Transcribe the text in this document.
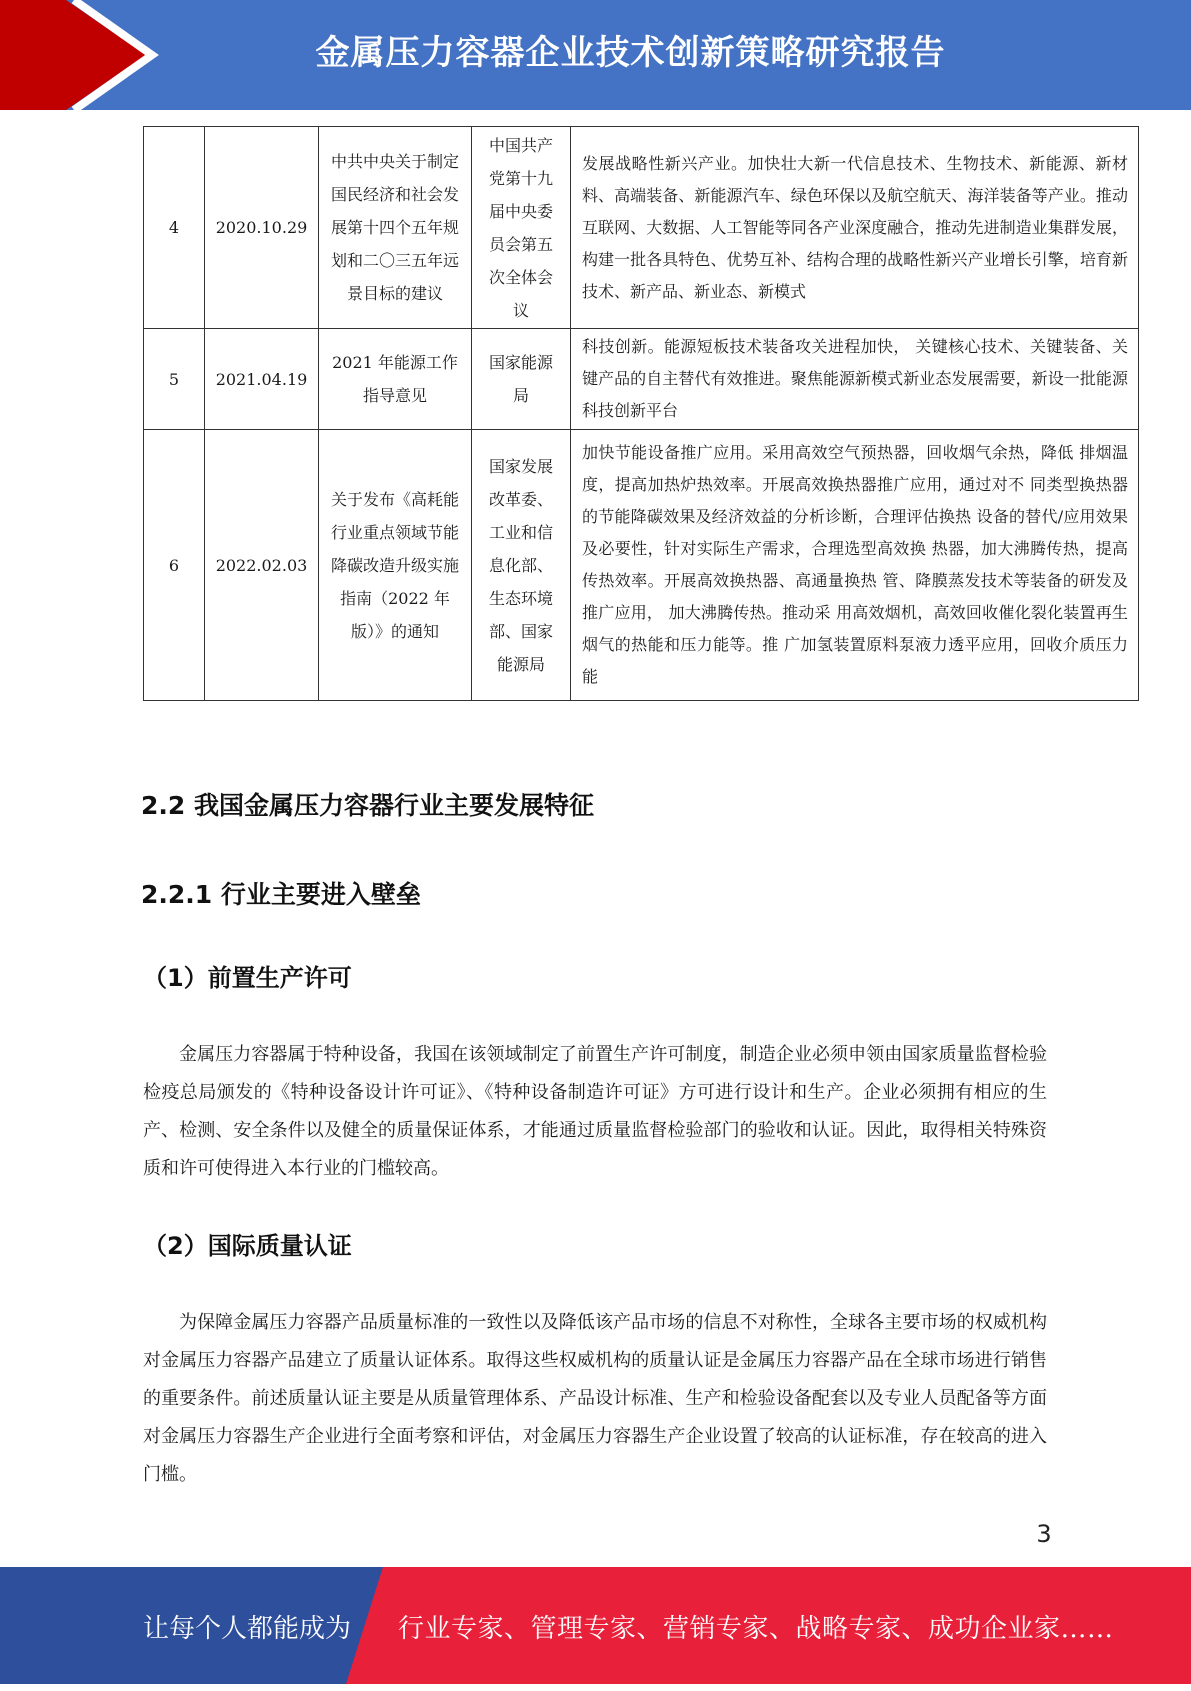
金属压力容器企业技术创新策略研究报告
4	2020.10.29	中共中央关于制定国民经济和社会发展第十四个五年规划和二〇三五年远景目标的建议	中国共产党第十九届中央委员会第五次全体会议	发展战略性新兴产业。加快壮大新一代信息技术、生物技术、新能源、新材料、高端装备、新能源汽车、绿色环保以及航空航天、海洋装备等产业。推动互联网、大数据、人工智能等同各产业深度融合，推动先进制造业集群发展，构建一批各具特色、优势互补、结构合理的战略性新兴产业增长引擎，培育新技术、新产品、新业态、新模式
5	2021.04.19	2021 年能源工作 指导意见	国家能源局	科技创新。能源短板技术装备攻关进程加快， 关键核心技术、关键装备、关键产品的自主替代有效推进。聚焦能源新模式新业态发展需要，新设一批能源科技创新平台
6	2022.02.03	关于发布《高耗能行业重点领域节能降碳改造升级实施指南（2022 年版）》的通知	国家发展改革委、工业和信息化部、生态环境部、国家能源局	加快节能设备推广应用。采用高效空气预热器，回收烟气余热，降低 排烟温度，提高加热炉热效率。开展高效换热器推广应用，通过对不 同类型换热器的节能降碳效果及经济效益的分析诊断，合理评估换热 设备的替代/应用效果及必要性，针对实际生产需求，合理选型高效换 热器，加大沸腾传热，提高传热效率。开展高效换热器、高通量换热 管、降膜蒸发技术等装备的研发及推广应用， 加大沸腾传热。推动采 用高效烟机，高效回收催化裂化装置再生烟气的热能和压力能等。推 广加氢装置原料泵液力透平应用，回收介质压力能
2.2 我国金属压力容器行业主要发展特征
2.2.1 行业主要进入壁垒
（1）前置生产许可

金属压力容器属于特种设备，我国在该领域制定了前置生产许可制度，制造企业必须申领由国家质量监督检验检疫总局颁发的《特种设备设计许可证》、《特种设备制造许可证》方可进行设计和生产。企业必须拥有相应的生产、检测、安全条件以及健全的质量保证体系，才能通过质量监督检验部门的验收和认证。因此，取得相关特殊资质和许可使得进入本行业的门槛较高。

（2）国际质量认证

为保障金属压力容器产品质量标准的一致性以及降低该产品市场的信息不对称性，全球各主要市场的权威机构对金属压力容器产品建立了质量认证体系。取得这些权威机构的质量认证是金属压力容器产品在全球市场进行销售的重要条件。前述质量认证主要是从质量管理体系、产品设计标准、生产和检验设备配套以及专业人员配备等方面对金属压力容器生产企业进行全面考察和评估，对金属压力容器生产企业设置了较高的认证标准，存在较高的进入门槛。

3
让每个人都能成为 行业专家、管理专家、营销专家、战略专家、成功企业家……
